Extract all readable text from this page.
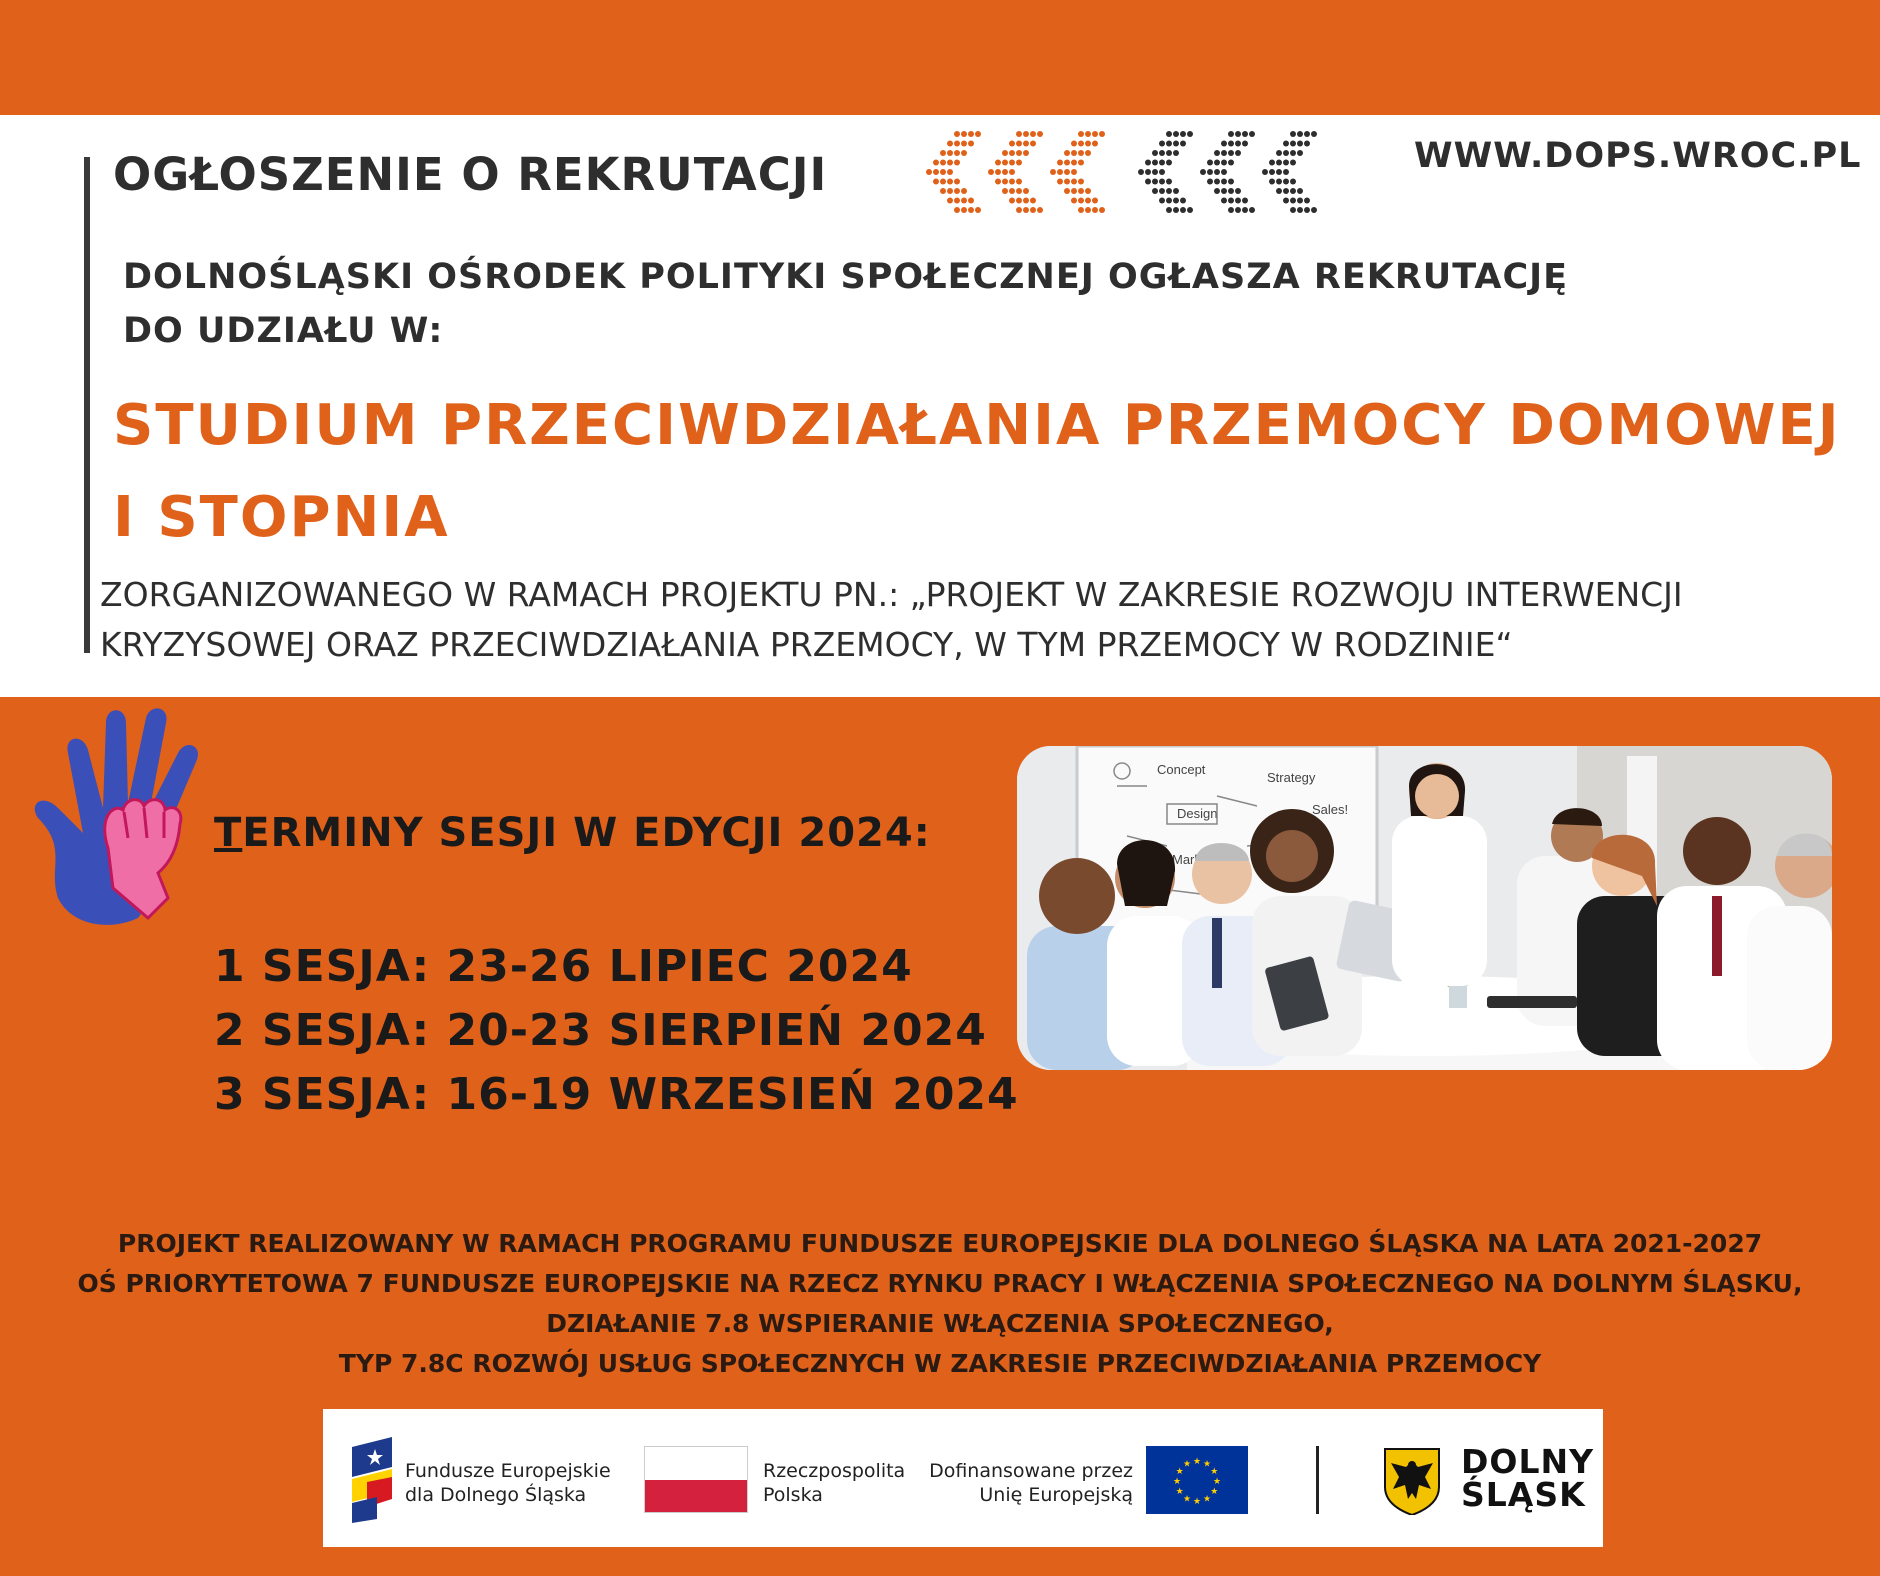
OGŁOSZENIE O REKRUTACJI	WWW.DOPS.WROC.PL
DOLNOŚLĄSKI OŚRODEK POLITYKI SPOŁECZNEJ OGŁASZA REKRUTACJĘ
DO UDZIAŁU W:
STUDIUM PRZECIWDZIAŁANIA PRZEMOCY DOMOWEJ
I STOPNIA
ZORGANIZOWANEGO W RAMACH PROJEKTU PN.: „PROJEKT W ZAKRESIE ROZWOJU INTERWENCJI
KRYZYSOWEJ ORAZ PRZECIWDZIAŁANIA PRZEMOCY, W TYM PRZEMOCY W RODZINIE“
TERMINY SESJI W EDYCJI 2024:
1 SESJA: 23-26 LIPIEC 2024
2 SESJA: 20-23 SIERPIEŃ 2024
3 SESJA: 16-19 WRZESIEŃ 2024
Concept
Strategy
Design	Sales!
PROJEKT REALIZOWANY W RAMACH PROGRAMU FUNDUSZE EUROPEJSKIE DLA DOLNEGO ŚLĄSKA NA LATA 2021-2027
OŚ PRIORYTETOWA 7 FUNDUSZE EUROPEJSKIE NA RZECZ RYNKU PRACY I WŁĄCZENIA SPOŁECZNEGO NA DOLNYM ŚLĄSKU,
DZIAŁANIE 7.8 WSPIERANIE WŁĄCZENIA SPOŁECZNEGO,
TYP 7.8C ROZWÓJ USŁUG SPOŁECZNYCH W ZAKRESIE PRZECIWDZIAŁANIA PRZEMOCY
Fundusze Europejskie
dla Dolnego Śląska
Rzeczpospolita
Polska
Dofinansowane przez
Unię Europejską
★
★
★
★
★
★
★
★
★ ★ ★
★	DOLNY
ŚLĄSK
